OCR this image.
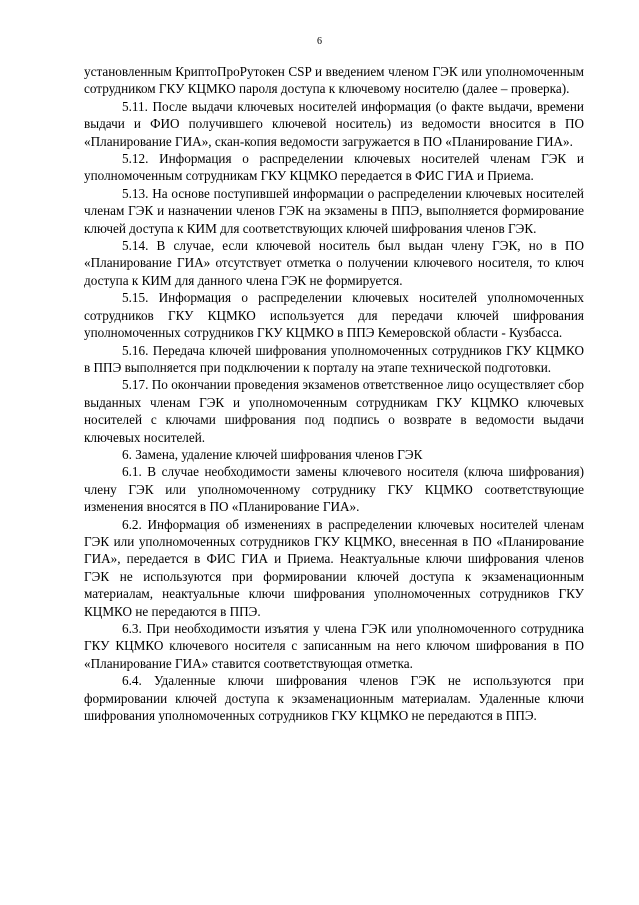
6

установленным КриптоПроРутокен CSP и введением членом ГЭК или уполномоченным сотрудником ГКУ КЦМКО пароля доступа к ключевому носителю (далее – проверка).

5.11. После выдачи ключевых носителей информация (о факте выдачи, времени выдачи и ФИО получившего ключевой носитель) из ведомости вносится в ПО «Планирование ГИА», скан-копия ведомости загружается в ПО «Планирование ГИА».

5.12. Информация о распределении ключевых носителей членам ГЭК и уполномоченным сотрудникам ГКУ КЦМКО передается в ФИС ГИА и Приема.

5.13. На основе поступившей информации о распределении ключевых носителей членам ГЭК и назначении членов ГЭК на экзамены в ППЭ, выполняется формирование ключей доступа к КИМ для соответствующих ключей шифрования членов ГЭК.

5.14. В случае, если ключевой носитель был выдан члену ГЭК, но в ПО «Планирование ГИА» отсутствует отметка о получении ключевого носителя, то ключ доступа к КИМ для данного члена ГЭК не формируется.

5.15. Информация о распределении ключевых носителей уполномоченных сотрудников ГКУ КЦМКО используется для передачи ключей шифрования уполномоченных сотрудников ГКУ КЦМКО в ППЭ Кемеровской области - Кузбасса.

5.16. Передача ключей шифрования уполномоченных сотрудников ГКУ КЦМКО в ППЭ выполняется при подключении к порталу на этапе технической подготовки.

5.17. По окончании проведения экзаменов ответственное лицо осуществляет сбор выданных членам ГЭК и уполномоченным сотрудникам ГКУ КЦМКО ключевых носителей с ключами шифрования под подпись о возврате в ведомости выдачи ключевых носителей.

6. Замена, удаление ключей шифрования членов ГЭК

6.1. В случае необходимости замены ключевого носителя (ключа шифрования) члену ГЭК или уполномоченному сотруднику ГКУ КЦМКО соответствующие изменения вносятся в ПО «Планирование ГИА».

6.2. Информация об изменениях в распределении ключевых носителей членам ГЭК или уполномоченных сотрудников ГКУ КЦМКО, внесенная в ПО «Планирование ГИА», передается в ФИС ГИА и Приема. Неактуальные ключи шифрования членов ГЭК не используются при формировании ключей доступа к экзаменационным материалам, неактуальные ключи шифрования уполномоченных сотрудников ГКУ КЦМКО не передаются в ППЭ.

6.3. При необходимости изъятия у члена ГЭК или уполномоченного сотрудника ГКУ КЦМКО ключевого носителя с записанным на него ключом шифрования в ПО «Планирование ГИА» ставится соответствующая отметка.

6.4. Удаленные ключи шифрования членов ГЭК не используются при формировании ключей доступа к экзаменационным материалам. Удаленные ключи шифрования уполномоченных сотрудников ГКУ КЦМКО не передаются в ППЭ.
